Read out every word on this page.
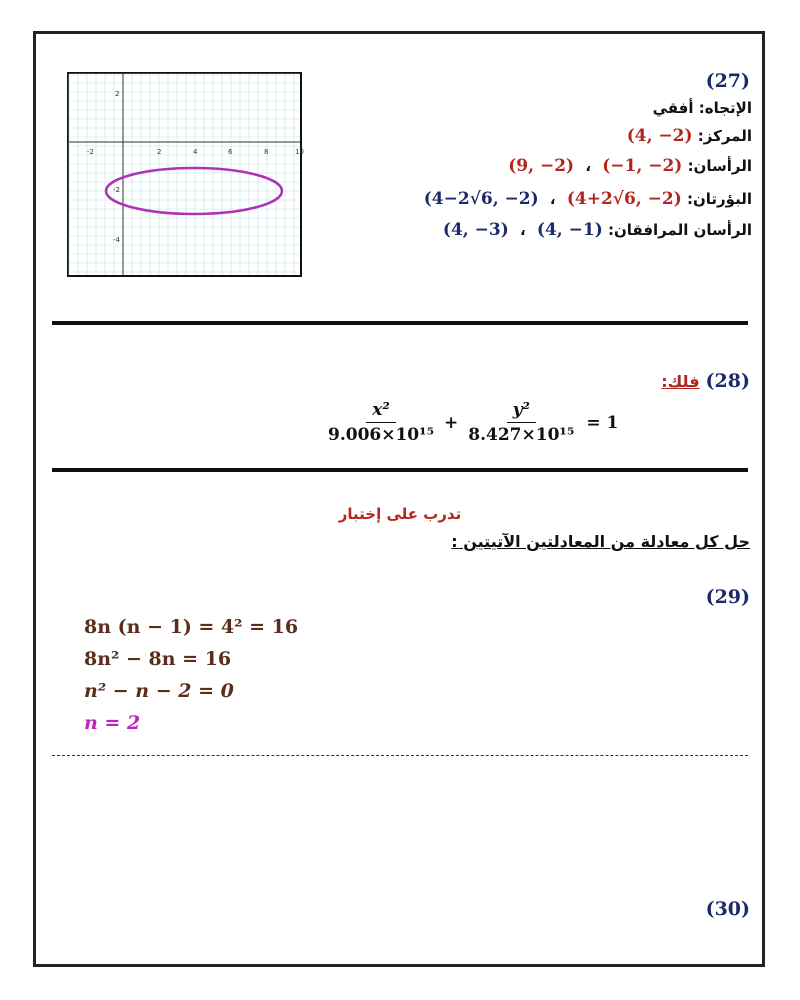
-2	2	4	6	8	10
2
-2
-4
(27)
الإتجاه: أفقي
المركز: (4, −2)
الرأسان: (−1, −2) ، (9, −2)
البؤرتان: (4+2√6, −2) ، (4−2√6, −2)
الرأسان المرافقان: (4, −1) ، (4, −3)
(28)
فلك:
$\frac{\text{x²}}{\text{9.006×10¹⁵}} + \frac{\text{y²}}{\text{8.427×10¹⁵}} = 1$
تدرب على إختبار
حل كل معادلة من المعادلتين الآتيتين :
(29)
8n (n − 1) = 4² = 16
8n² − 8n = 16
n² − n − 2 = 0
n = 2
(30)
